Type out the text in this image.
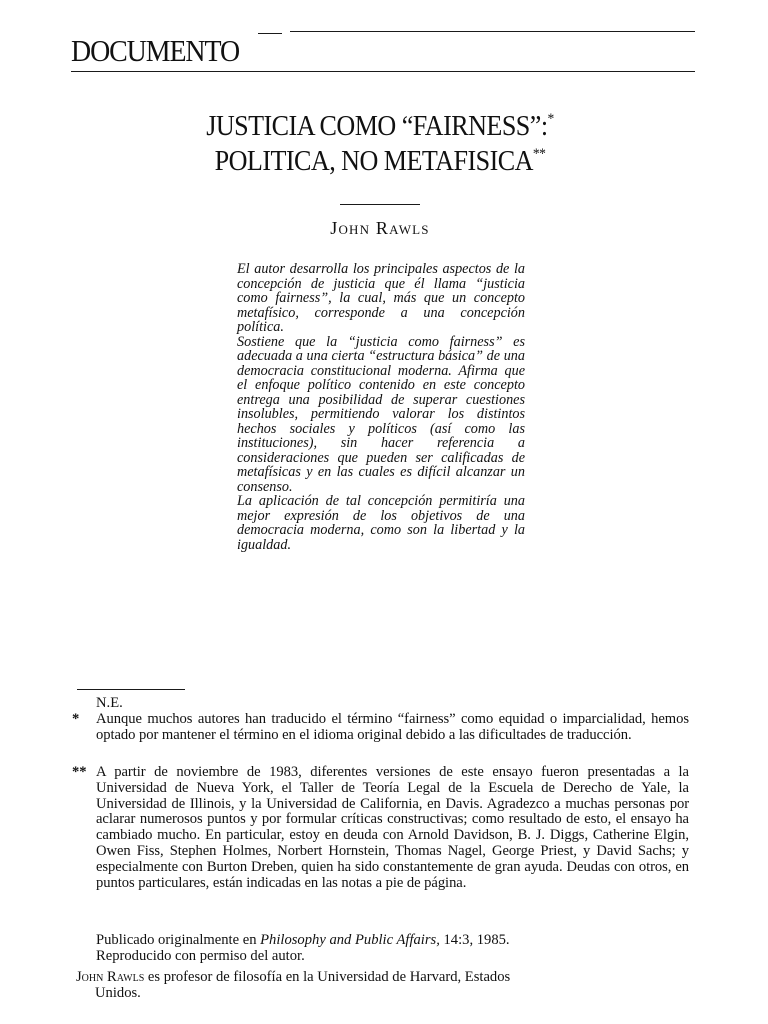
DOCUMENTO
JUSTICIA COMO “FAIRNESS”:*
POLITICA, NO METAFISICA**
John Rawls

El autor desarrolla los principales aspectos de la concepción de justicia que él llama “justicia como fairness”, la cual, más que un concepto metafísico, corresponde a una concepción política.

Sostiene que la “justicia como fairness” es adecuada a una cierta “estructura básica” de una democracia constitucional moderna. Afirma que el enfoque político contenido en este concepto entrega una posibilidad de superar cuestiones insolubles, permitiendo valorar los distintos hechos sociales y políticos (así como las instituciones), sin hacer referencia a consideraciones que pueden ser calificadas de metafísicas y en las cuales es difícil alcanzar un consenso.

La aplicación de tal concepción permitiría una mejor expresión de los objetivos de una democracia moderna, como son la libertad y la igualdad.

N.E.
*	Aunque muchos autores han traducido el término “fairness” como equidad o imparcialidad, hemos optado por mantener el término en el idioma original debido a las dificultades de traducción.

** A partir de noviembre de 1983, diferentes versiones de este ensayo fueron presentadas a la Universidad de Nueva York, el Taller de Teoría Legal de la Escuela de Derecho de Yale, la Universidad de Illinois, y la Universidad de California, en Davis. Agradezco a muchas personas por aclarar numerosos puntos y por formular críticas constructivas; como resultado de esto, el ensayo ha cambiado mucho. En particular, estoy en deuda con Arnold Davidson, B. J. Diggs, Catherine Elgin, Owen Fiss, Stephen Holmes, Norbert Hornstein, Thomas Nagel, George Priest, y David Sachs; y especialmente con Burton Dreben, quien ha sido constantemente de gran ayuda. Deudas con otros, en puntos particulares, están indicadas en las notas a pie de página.

Publicado originalmente en Philosophy and Public Affairs, 14:3, 1985.

Reproducido con permiso del autor.

John Rawls es profesor de filosofía en la Universidad de Harvard, Estados
Unidos.
